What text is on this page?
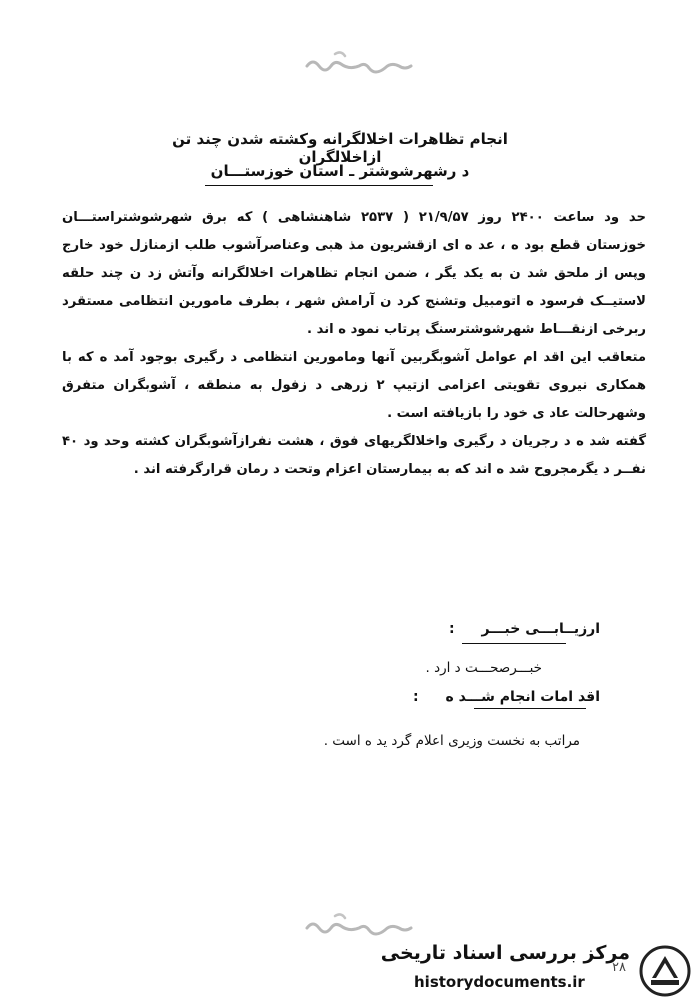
انجام تظاهرات اخلالگرانه وکشته شدن چند تن ازاخلالگران
د رشهرشوشتر ـ استان خوزستـــان

حد ود ساعت ۲۴۰۰ روز ۲۱/۹/۵۷ ( ۲۵۳۷ شاهنشاهی ) که برق شهرشوشتراستـــان خوزستان قطع بود ه ، عد ه ای ازقشریون مذ هبی وعناصرآشوب طلب ازمنازل خود خارج وپس از ملحق شد ن به یکد یگر ، ضمن انجام تظاهرات اخلالگرانه وآتش زد ن چند حلقه لاستیــک فرسود ه اتومبیل وتشنج کرد ن آرامش شهر ، بطرف مامورین انتظامی مستقرد ربرخی ازنقـــاط شهرشوشترسنگ پرتاب نمود ه اند .

متعاقب این اقد ام عوامل آشوبگربین آنها ومامورین انتظامی د رگیری بوجود آمد ه که با همکاری نیروی تقویتی اعزامی ازتیپ ۲ زرهی د زفول به منطقه ، آشوبگران متفرق وشهرحالت عاد ی خود را بازیافته است .

گفته شد ه د رجریان د رگیری واخلالگریهای فوق ، هشت نفرازآشوبگران کشته وحد ود ۴۰ نفــر د یگرمجروح شد ه اند که به بیمارستان اعزام وتحت د رمان قرارگرفته اند .

ارزیــابـــی خبـــر :
خبـــرصحـــت د ارد .
اقد امات انجام شـــد ه :
مراتب به نخست وزیری اعلام گرد ید ه است .
۲۸
مرکز بررسی اسناد تاریخی
historydocuments.ir
